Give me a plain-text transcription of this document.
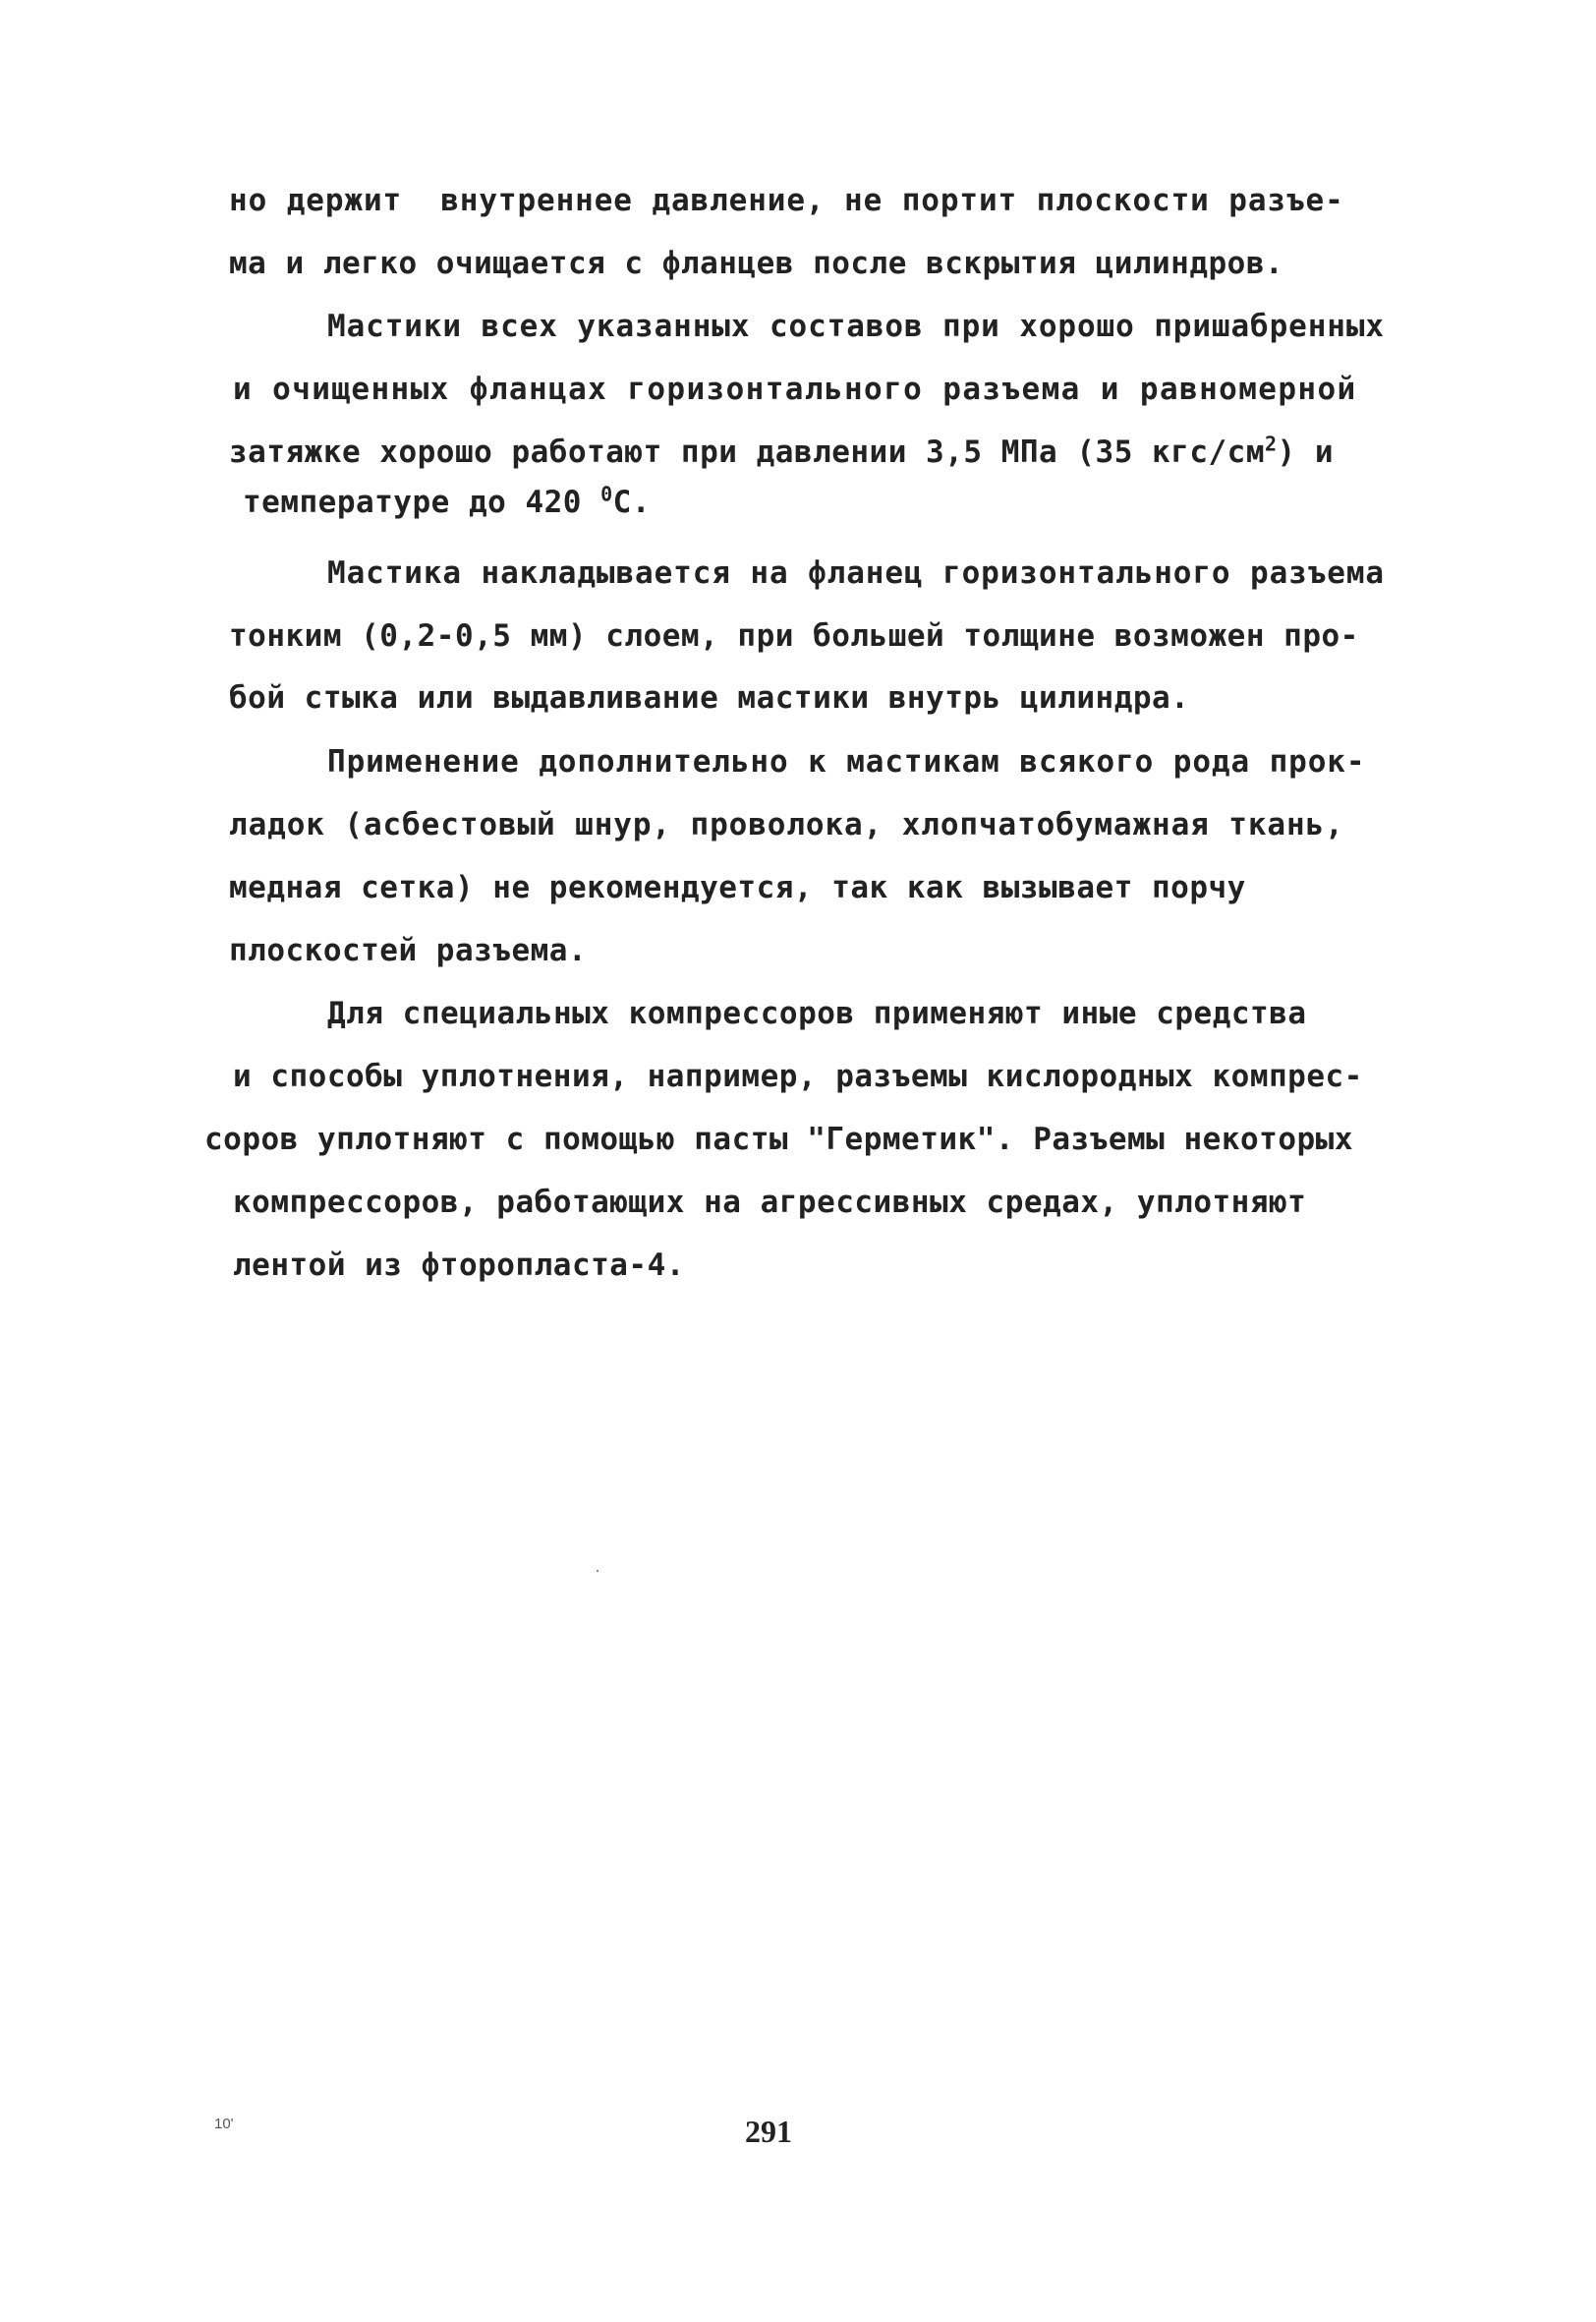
но держит  внутреннее давление, не портит плоскости разъе-
ма и легко очищается с фланцев после вскрытия цилиндров.
Мастики всех указанных составов при хорошо пришабренных
и очищенных фланцах горизонтального разъема и равномерной
затяжке хорошо работают при давлении 3,5 МПа (35 кгс/$см^2$) и
температуре до 420 $^0$С.
Мастика накладывается на фланец горизонтального разъема
тонким (0,2-0,5 мм) слоем, при большей толщине возможен про-
бой стыка или выдавливание мастики внутрь цилиндра.
Применение дополнительно к мастикам всякого рода прок-
ладок (асбестовый шнур, проволока, хлопчатобумажная ткань,
медная сетка) не рекомендуется, так как вызывает порчу
плоскостей разъема.
Для специальных компрессоров применяют иные средства
и способы уплотнения, например, разъемы кислородных компрес-
соров уплотняют с помощью пасты "Герметик". Разъемы некоторых
компрессоров, работающих на агрессивных средах, уплотняют
лентой из фторопласта-4.
10'	291
